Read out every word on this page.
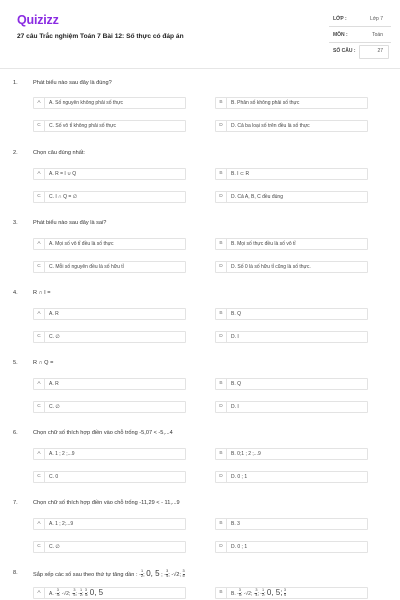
Quizizz
27 câu Trắc nghiệm Toán 7 Bài 12: Số thực có đáp án
LỚP :	Lớp 7
MÔN :	Toán
SỐ CÂU :	27
1.	Phát biểu nào sau đây là đúng?
A	A. Số nguyên không phải số thực	B	B. Phân số không phải số thực
C	C. Số vô tỉ không phải số thực	D	D. Cả ba loại số trên đều là số thực
2.	Chọn câu đúng nhất:
A	A. R = I ∪ Q	B	B. I ⊂ R
C	C. I ∩ Q = ∅	D	D. Cả A, B, C đều đúng
3.	Phát biểu nào sau đây là sai?
A	A. Mọi số vô tỉ đều là số thực	B	B. Mọi số thực đều là số vô tỉ
C	C. Mỗi số nguyên đều là số hữu tỉ	D	D. Số 0 là số hữu tỉ cũng là số thực.
4.	R ∩ I =
A	A. R	B	B. Q
C	C. ∅	D	D. I
5.	R ∩ Q =
A	A. R	B	B. Q
C	C. ∅	D	D. I
6.	Chọn chữ số thích hợp điền vào chỗ trống -5,07 < -5,...4
A	A. 1 ; 2 ;...9	B	B. 0;1 ; 2 ;...9
C	C. 0	D	D. 0 ; 1
7.	Chọn chữ số thích hợp điền vào chỗ trống -11,29 < - 11,...9
A	A. 1 ; 2;...9	B	B. 3
C	C. ∅	D	D. 0 ; 1
8.	Sắp xếp các số sau theo thứ tự tăng dần : - $\frac{1}{2}$ ; 0, 5 ; - $\frac{3}{4}$ ; -√2; $\frac{3}{5}$
A	A. - $\frac{3}{4}$ ; -√2; - $\frac{3}{5}$ ; - $\frac{1}{2}$ ; $\frac{3}{4}$ ; 0, 5	B	B. - $\frac{3}{5}$ ; -√2; - $\frac{3}{4}$ ; - $\frac{1}{2}$ ; 0, 5; $\frac{3}{4}$
